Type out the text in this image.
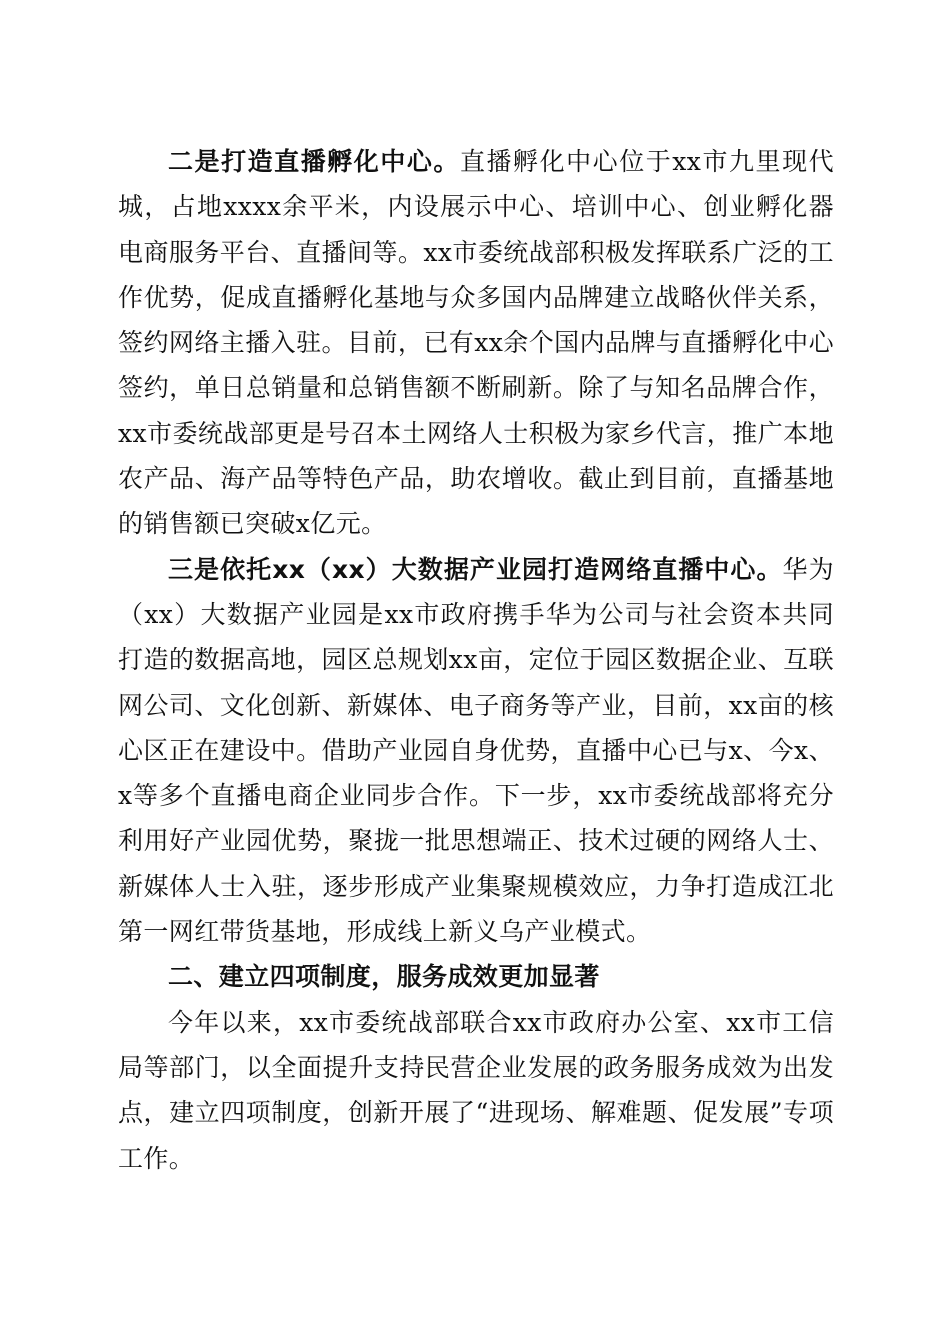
二是打造直播孵化中心。直播孵化中心位于xx市九里现代城，占地xxxx余平米，内设展示中心、培训中心、创业孵化器电商服务平台、直播间等。xx市委统战部积极发挥联系广泛的工作优势，促成直播孵化基地与众多国内品牌建立战略伙伴关系，签约网络主播入驻。目前，已有xx余个国内品牌与直播孵化中心签约，单日总销量和总销售额不断刷新。除了与知名品牌合作，xx市委统战部更是号召本土网络人士积极为家乡代言，推广本地农产品、海产品等特色产品，助农增收。截止到目前，直播基地的销售额已突破x亿元。

三是依托xx（xx）大数据产业园打造网络直播中心。华为（xx）大数据产业园是xx市政府携手华为公司与社会资本共同打造的数据高地，园区总规划xx亩，定位于园区数据企业、互联网公司、文化创新、新媒体、电子商务等产业，目前，xx亩的核心区正在建设中。借助产业园自身优势，直播中心已与x、今x、x等多个直播电商企业同步合作。下一步，xx市委统战部将充分利用好产业园优势，聚拢一批思想端正、技术过硬的网络人士、新媒体人士入驻，逐步形成产业集聚规模效应，力争打造成江北第一网红带货基地，形成线上新义乌产业模式。

二、建立四项制度，服务成效更加显著

今年以来，xx市委统战部联合xx市政府办公室、xx市工信局等部门，以全面提升支持民营企业发展的政务服务成效为出发点，建立四项制度，创新开展了“进现场、解难题、促发展”专项工作。
